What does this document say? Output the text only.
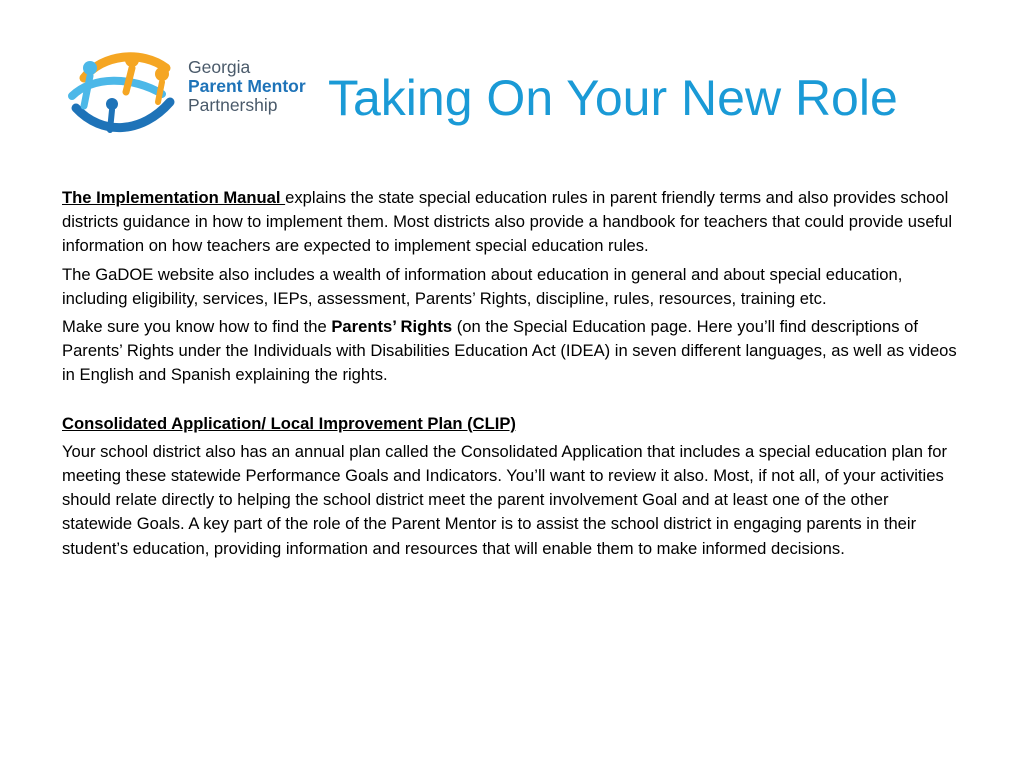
Georgia
Parent Mentor
Partnership	Taking On Your New Role

The Implementation Manual explains the state special education rules in parent friendly terms and also provides school districts guidance in how to implement them. Most districts also provide a handbook for teachers that could provide useful information on how teachers are expected to implement special education rules.

The GaDOE website also includes a wealth of information about education in general and about special education, including eligibility, services, IEPs, assessment, Parents’ Rights, discipline, rules, resources, training etc.

Make sure you know how to find the Parents’ Rights (on the Special Education page. Here you’ll find descriptions of Parents’ Rights under the Individuals with Disabilities Education Act (IDEA) in seven different languages, as well as videos in English and Spanish explaining the rights.

Consolidated Application/ Local Improvement Plan (CLIP)

Your school district also has an annual plan called the Consolidated Application that includes a special education plan for meeting these statewide Performance Goals and Indicators. You’ll want to review it also. Most, if not all, of your activities should relate directly to helping the school district meet the parent involvement Goal and at least one of the other statewide Goals. A key part of the role of the Parent Mentor is to assist the school district in engaging parents in their student’s education, providing information and resources that will enable them to make informed decisions.
